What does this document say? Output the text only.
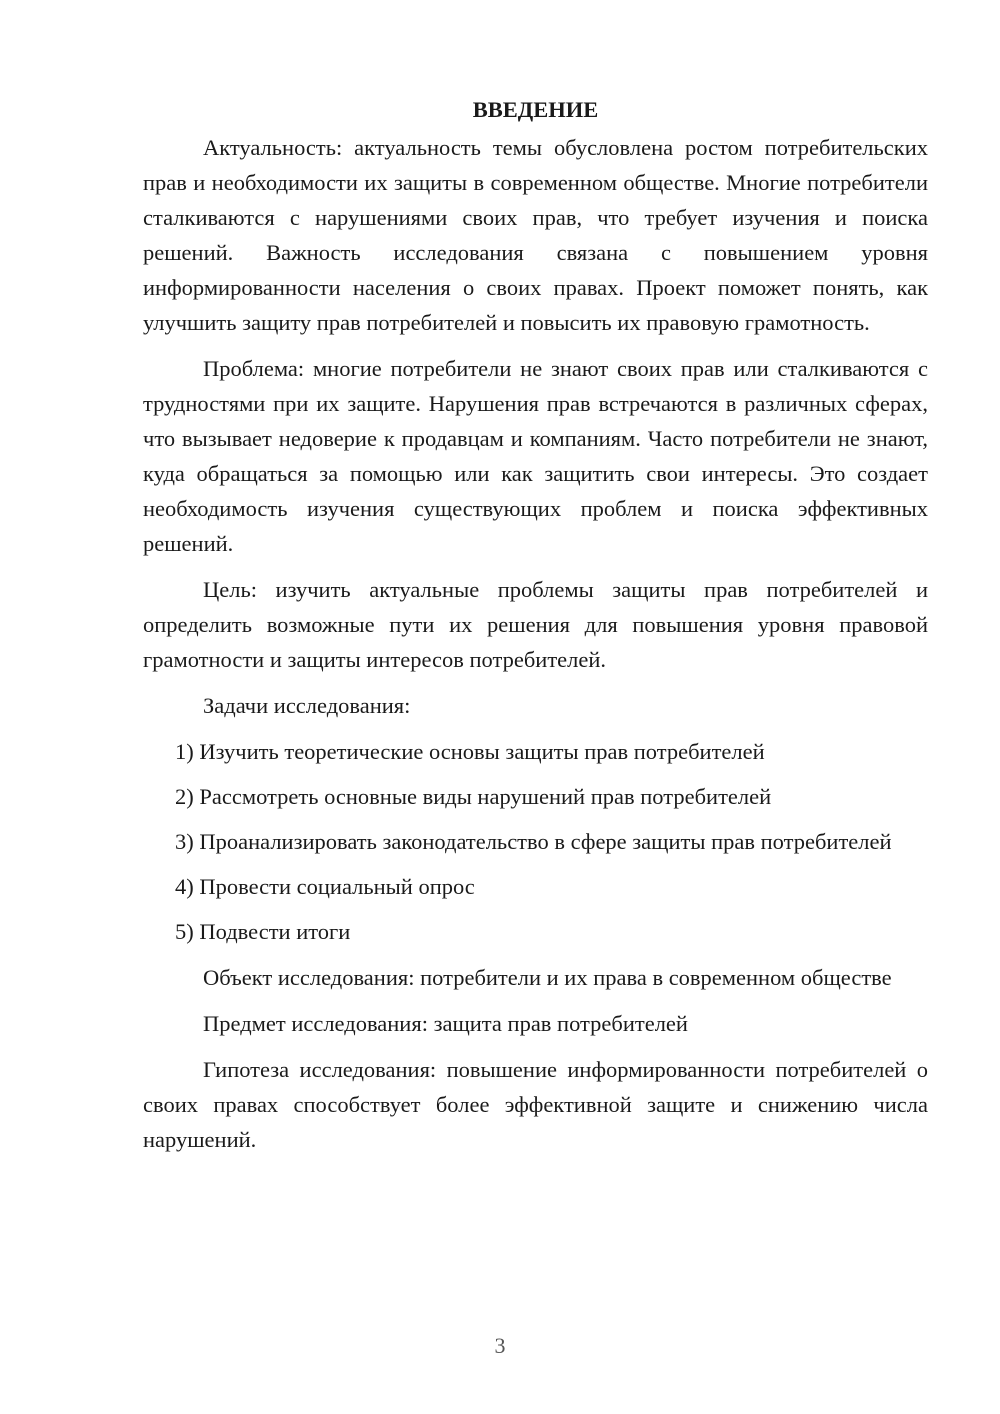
ВВЕДЕНИЕ

Актуальность: актуальность темы обусловлена ростом потребительских прав и необходимости их защиты в современном обществе. Многие потребители сталкиваются с нарушениями своих прав, что требует изучения и поиска решений. Важность исследования связана с повышением уровня информированности населения о своих правах. Проект поможет понять, как улучшить защиту прав потребителей и повысить их правовую грамотность.

Проблема: многие потребители не знают своих прав или сталкиваются с трудностями при их защите. Нарушения прав встречаются в различных сферах, что вызывает недоверие к продавцам и компаниям. Часто потребители не знают, куда обращаться за помощью или как защитить свои интересы. Это создает необходимость изучения существующих проблем и поиска эффективных решений.

Цель: изучить актуальные проблемы защиты прав потребителей и определить возможные пути их решения для повышения уровня правовой грамотности и защиты интересов потребителей.

Задачи исследования:

1) Изучить теоретические основы защиты прав потребителей

2) Рассмотреть основные виды нарушений прав потребителей

3) Проанализировать законодательство в сфере защиты прав потребителей

4) Провести социальный опрос

5) Подвести итоги

Объект исследования: потребители и их права в современном обществе

Предмет исследования: защита прав потребителей

Гипотеза исследования: повышение информированности потребителей о своих правах способствует более эффективной защите и снижению числа нарушений.

3
